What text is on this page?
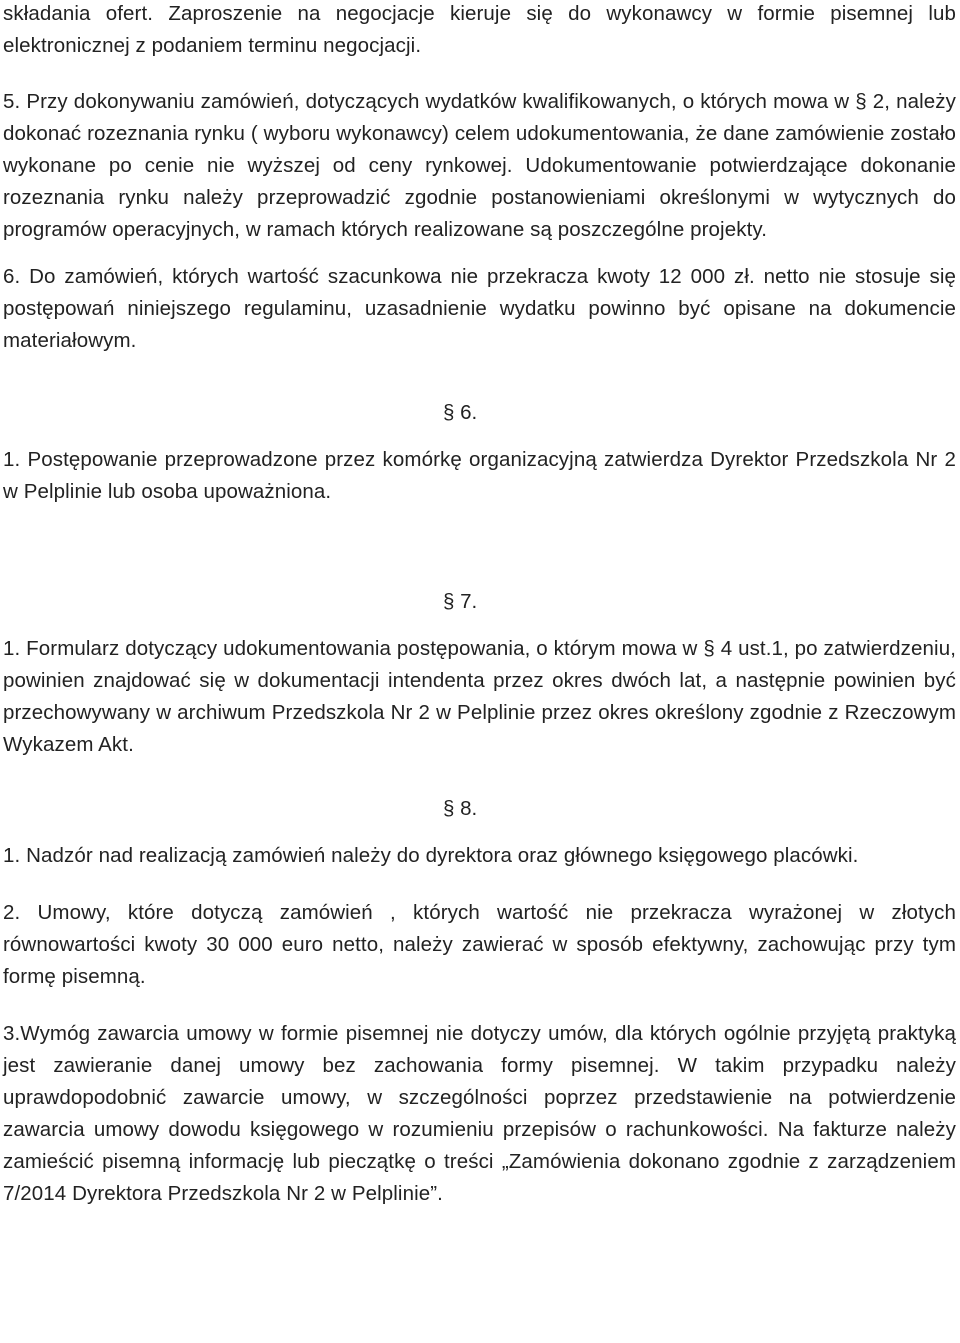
składania ofert. Zaproszenie na negocjacje kieruje się do wykonawcy w formie pisemnej lub elektronicznej z podaniem terminu negocjacji.

5. Przy dokonywaniu zamówień, dotyczących wydatków kwalifikowanych, o których mowa w § 2, należy dokonać rozeznania rynku ( wyboru wykonawcy) celem udokumentowania, że dane zamówienie zostało wykonane po cenie nie wyższej od ceny rynkowej. Udokumentowanie potwierdzające dokonanie rozeznania rynku należy przeprowadzić zgodnie postanowieniami określonymi w wytycznych do programów operacyjnych, w ramach których realizowane są poszczególne projekty.

6. Do zamówień, których wartość szacunkowa nie przekracza kwoty 12 000 zł. netto nie stosuje się postępowań niniejszego regulaminu, uzasadnienie wydatku powinno być opisane na dokumencie materiałowym.

§ 6.

1. Postępowanie przeprowadzone przez komórkę organizacyjną zatwierdza Dyrektor Przedszkola Nr 2 w Pelplinie lub osoba upoważniona.

§ 7.

1. Formularz dotyczący udokumentowania postępowania, o którym mowa w § 4 ust.1, po zatwierdzeniu, powinien znajdować się w dokumentacji intendenta przez okres dwóch lat, a następnie powinien być przechowywany w archiwum Przedszkola Nr 2 w Pelplinie przez okres określony zgodnie z Rzeczowym Wykazem Akt.

§ 8.

1. Nadzór nad realizacją zamówień należy do dyrektora oraz głównego księgowego placówki.

2. Umowy, które dotyczą zamówień , których wartość nie przekracza wyrażonej w złotych równowartości kwoty 30 000 euro netto, należy zawierać w sposób efektywny, zachowując przy tym formę pisemną.

3.Wymóg zawarcia umowy w formie pisemnej nie dotyczy umów, dla których ogólnie przyjętą praktyką jest zawieranie danej umowy bez zachowania formy pisemnej. W takim przypadku należy uprawdopodobnić zawarcie umowy, w szczególności poprzez przedstawienie na potwierdzenie zawarcia umowy dowodu księgowego w rozumieniu przepisów o rachunkowości. Na fakturze należy zamieścić pisemną informację lub pieczątkę o treści „Zamówienia dokonano zgodnie z zarządzeniem 7/2014 Dyrektora Przedszkola Nr 2 w Pelplinie”.
